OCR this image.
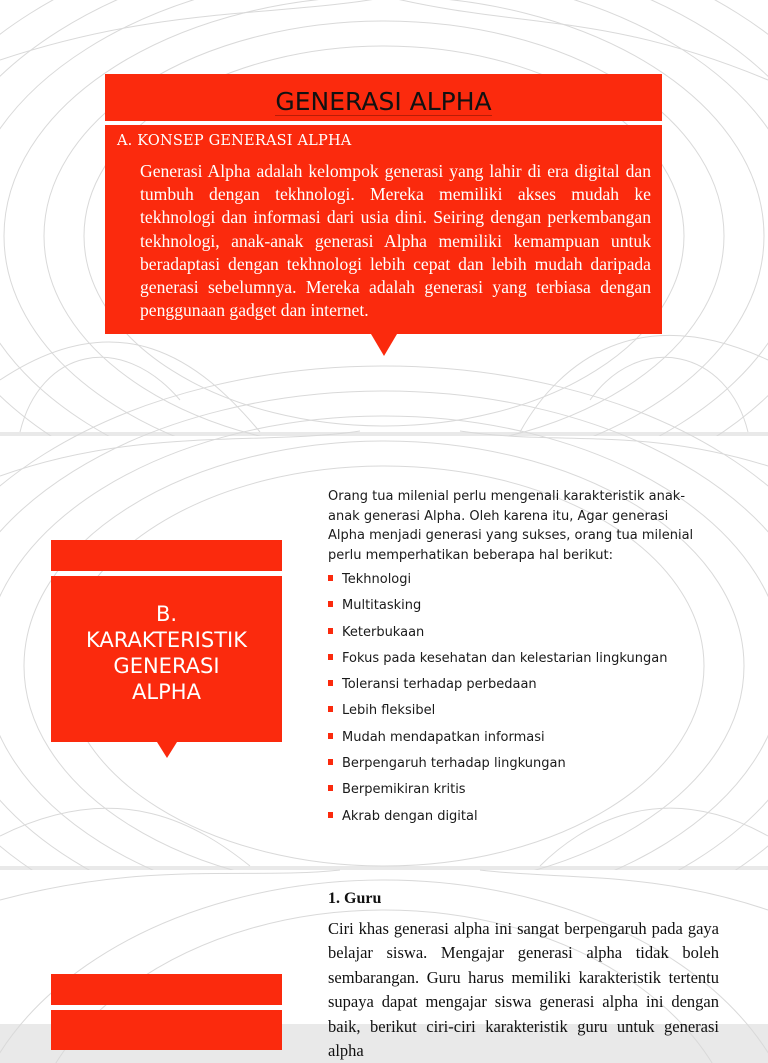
GENERASI ALPHA
A. KONSEP GENERASI ALPHA
Generasi Alpha adalah kelompok generasi yang lahir di era digital dan tumbuh dengan tekhnologi. Mereka memiliki akses mudah ke tekhnologi dan informasi dari usia dini. Seiring dengan perkembangan tekhnologi, anak-anak generasi Alpha memiliki kemampuan untuk beradaptasi dengan tekhnologi lebih cepat dan lebih mudah daripada generasi sebelumnya. Mereka adalah generasi yang terbiasa dengan penggunaan gadget dan internet.
B.
KARAKTERISTIK
GENERASI
ALPHA
Orang tua milenial perlu mengenali karakteristik anak-anak generasi Alpha. Oleh karena itu, Agar generasi Alpha menjadi generasi yang sukses, orang tua milenial perlu memperhatikan beberapa hal berikut:
Tekhnologi
Multitasking
Keterbukaan
Fokus pada kesehatan dan kelestarian lingkungan
Toleransi terhadap perbedaan
Lebih fleksibel
Mudah mendapatkan informasi
Berpengaruh terhadap lingkungan
Berpemikiran kritis
Akrab dengan digital
1. Guru
Ciri khas generasi alpha ini sangat berpengaruh pada gaya belajar siswa. Mengajar generasi alpha tidak boleh sembarangan. Guru harus memiliki karakteristik tertentu supaya dapat mengajar siswa generasi alpha ini dengan baik, berikut ciri-ciri karakteristik guru untuk generasi alpha
